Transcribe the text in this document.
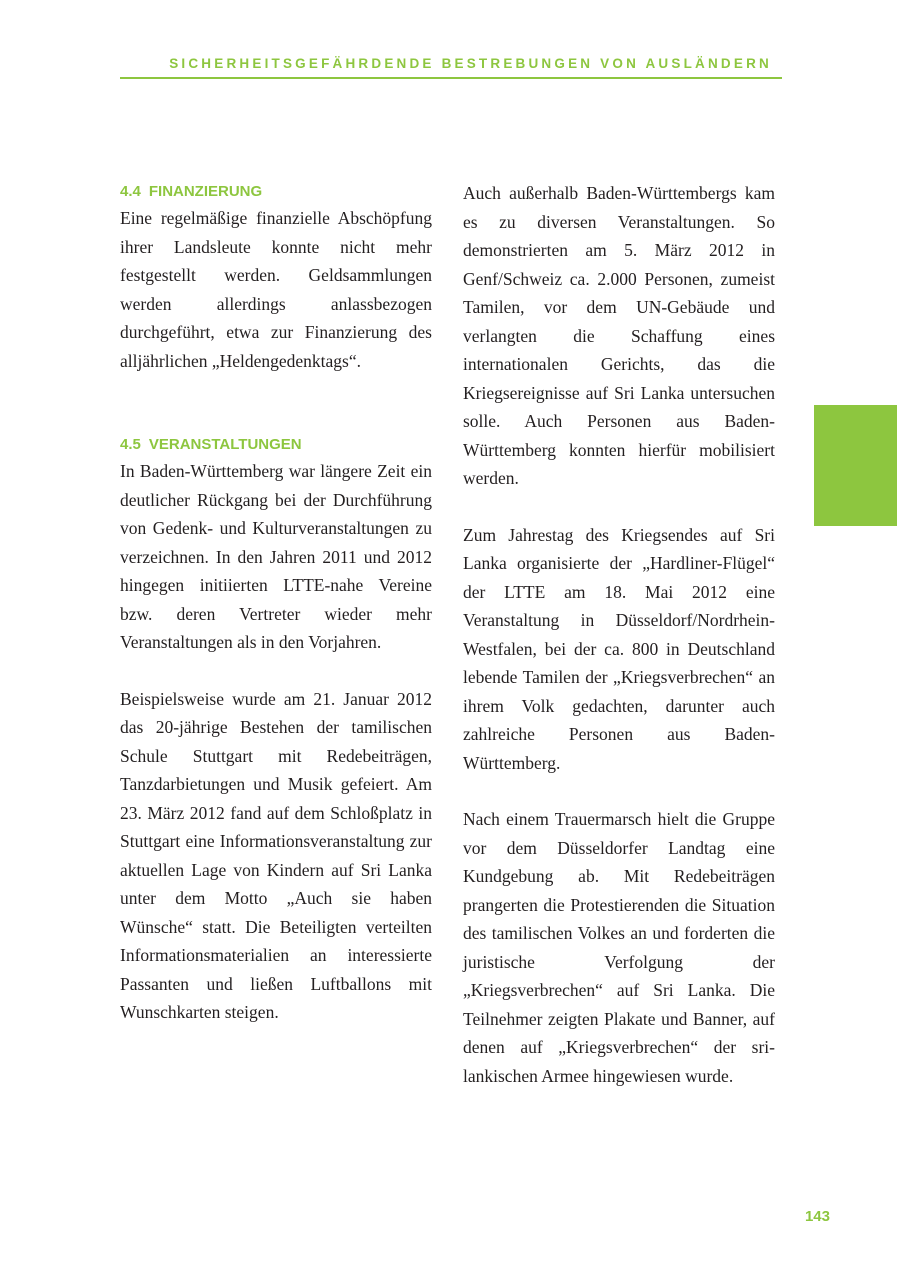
SICHERHEITSGEFÄHRDENDE BESTREBUNGEN VON AUSLÄNDERN
4.4 FINANZIERUNG

Eine regelmäßige finanzielle Abschöpfung ihrer Landsleute konnte nicht mehr festgestellt werden. Geldsammlungen werden allerdings anlassbezogen durchgeführt, etwa zur Finanzierung des alljährlichen „Heldengedenktags“.

4.5 VERANSTALTUNGEN

In Baden-Württemberg war längere Zeit ein deutlicher Rückgang bei der Durchführung von Gedenk- und Kulturveranstaltungen zu verzeichnen. In den Jahren 2011 und 2012 hingegen initiierten LTTE-nahe Vereine bzw. deren Vertreter wieder mehr Veranstaltungen als in den Vorjahren.

Beispielsweise wurde am 21. Januar 2012 das 20-jährige Bestehen der tamilischen Schule Stuttgart mit Redebeiträgen, Tanzdarbietungen und Musik gefeiert. Am 23. März 2012 fand auf dem Schloßplatz in Stuttgart eine Informationsveranstaltung zur aktuellen Lage von Kindern auf Sri Lanka unter dem Motto „Auch sie haben Wünsche“ statt. Die Beteiligten verteilten Informationsmaterialien an interessierte Passanten und ließen Luftballons mit Wunschkarten steigen.

Auch außerhalb Baden-Württembergs kam es zu diversen Veranstaltungen. So demonstrierten am 5. März 2012 in Genf/Schweiz ca. 2.000 Personen, zumeist Tamilen, vor dem UN-Gebäude und verlangten die Schaffung eines internationalen Gerichts, das die Kriegsereignisse auf Sri Lanka untersuchen solle. Auch Personen aus Baden-Württemberg konnten hierfür mobilisiert werden.

Zum Jahrestag des Kriegsendes auf Sri Lanka organisierte der „Hardliner-Flügel“ der LTTE am 18. Mai 2012 eine Veranstaltung in Düsseldorf/Nordrhein-Westfalen, bei der ca. 800 in Deutschland lebende Tamilen der „Kriegsverbrechen“ an ihrem Volk gedachten, darunter auch zahlreiche Personen aus Baden-Württemberg.

Nach einem Trauermarsch hielt die Gruppe vor dem Düsseldorfer Landtag eine Kundgebung ab. Mit Redebeiträgen prangerten die Protestierenden die Situation des tamilischen Volkes an und forderten die juristische Verfolgung der „Kriegsverbrechen“ auf Sri Lanka. Die Teilnehmer zeigten Plakate und Banner, auf denen auf „Kriegsverbrechen“ der sri-lankischen Armee hingewiesen wurde.

143
